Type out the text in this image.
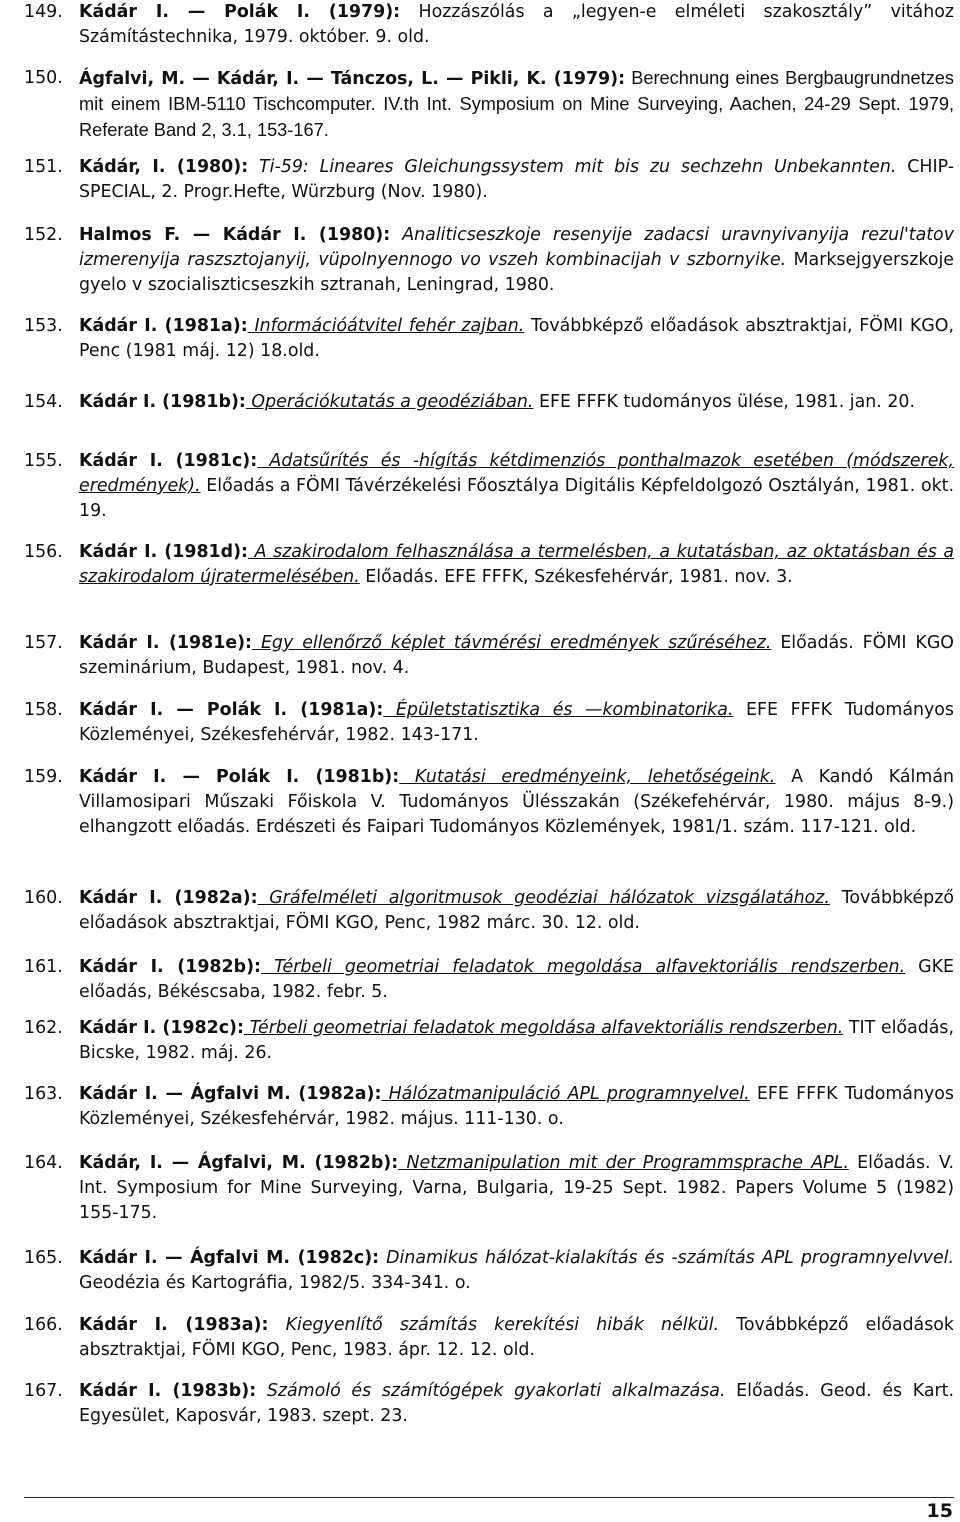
149. Kádár I. — Polák I. (1979): Hozzászólás a „legyen-e elméleti szakosztály” vitához Számítástechnika, 1979. október. 9. old.
150. Ágfalvi, M. — Kádár, I. — Tánczos, L. — Pikli, K. (1979): Berechnung eines Bergbaugrundnetzes mit einem IBM-5110 Tischcomputer. IV.th Int. Symposium on Mine Surveying, Aachen, 24-29 Sept. 1979, Referate Band 2, 3.1, 153-167.
151. Kádár, I. (1980): Ti-59: Lineares Gleichungssystem mit bis zu sechzehn Unbekannten. CHIP-SPECIAL, 2. Progr.Hefte, Würzburg (Nov. 1980).
152. Halmos F. — Kádár I. (1980): Analiticseszkoje resenyije zadacsi uravnyivanyija rezul'tatov izmerenyija raszsztojanyij, vüpolnyennogo vo vszeh kombinacijah v szbornyike. Marksejgyerszkoje gyelo v szocialiszticseszkih sztranah, Leningrad, 1980.
153. Kádár I. (1981a): Információátvitel fehér zajban. Továbbképző előadások absztraktjai, FÖMI KGO, Penc (1981 máj. 12) 18.old.
154. Kádár I. (1981b): Operációkutatás a geodéziában. EFE FFFK tudományos ülése, 1981. jan. 20.
155. Kádár I. (1981c): Adatsűrítés és -hígítás kétdimenziós ponthalmazok esetében (módszerek, eredmények). Előadás a FÖMI Távérzékelési Főosztálya Digitális Képfeldolgozó Osztályán, 1981. okt. 19.
156. Kádár I. (1981d): A szakirodalom felhasználása a termelésben, a kutatásban, az oktatásban és a szakirodalom újratermelésében. Előadás. EFE FFFK, Székesfehérvár, 1981. nov. 3.
157. Kádár I. (1981e): Egy ellenőrző képlet távmérési eredmények szűréséhez. Előadás. FÖMI KGO szeminárium, Budapest, 1981. nov. 4.
158. Kádár I. — Polák I. (1981a): Épületstatisztika és —kombinatorika. EFE FFFK Tudományos Közleményei, Székesfehérvár, 1982. 143-171.
159. Kádár I. — Polák I. (1981b): Kutatási eredményeink, lehetőségeink. A Kandó Kálmán Villamosipari Műszaki Főiskola V. Tudományos Ülésszakán (Székefehérvár, 1980. május 8-9.) elhangzott előadás. Erdészeti és Faipari Tudományos Közlemények, 1981/1. szám. 117-121. old.
160. Kádár I. (1982a): Gráfelméleti algoritmusok geodéziai hálózatok vizsgálatához. Továbbképző előadások absztraktjai, FÖMI KGO, Penc, 1982 márc. 30. 12. old.
161. Kádár I. (1982b): Térbeli geometriai feladatok megoldása alfavektoriális rendszerben. GKE előadás, Békéscsaba, 1982. febr. 5.
162. Kádár I. (1982c): Térbeli geometriai feladatok megoldása alfavektoriális rendszerben. TIT előadás, Bicske, 1982. máj. 26.
163. Kádár I. — Ágfalvi M. (1982a): Hálózatmanipuláció APL programnyelvel. EFE FFFK Tudományos Közleményei, Székesfehérvár, 1982. május. 111-130. o.
164. Kádár, I. — Ágfalvi, M. (1982b): Netzmanipulation mit der Programmsprache APL. Előadás. V. Int. Symposium for Mine Surveying, Varna, Bulgaria, 19-25 Sept. 1982. Papers Volume 5 (1982) 155-175.
165. Kádár I. — Ágfalvi M. (1982c): Dinamikus hálózat-kialakítás és -számítás APL programnyelvvel. Geodézia és Kartográfia, 1982/5. 334-341. o.
166. Kádár I. (1983a): Kiegyenlítő számítás kerekítési hibák nélkül. Továbbképző előadások absztraktjai, FÖMI KGO, Penc, 1983. ápr. 12. 12. old.
167. Kádár I. (1983b): Számoló és számítógépek gyakorlati alkalmazása. Előadás. Geod. és Kart. Egyesület, Kaposvár, 1983. szept. 23.
15
